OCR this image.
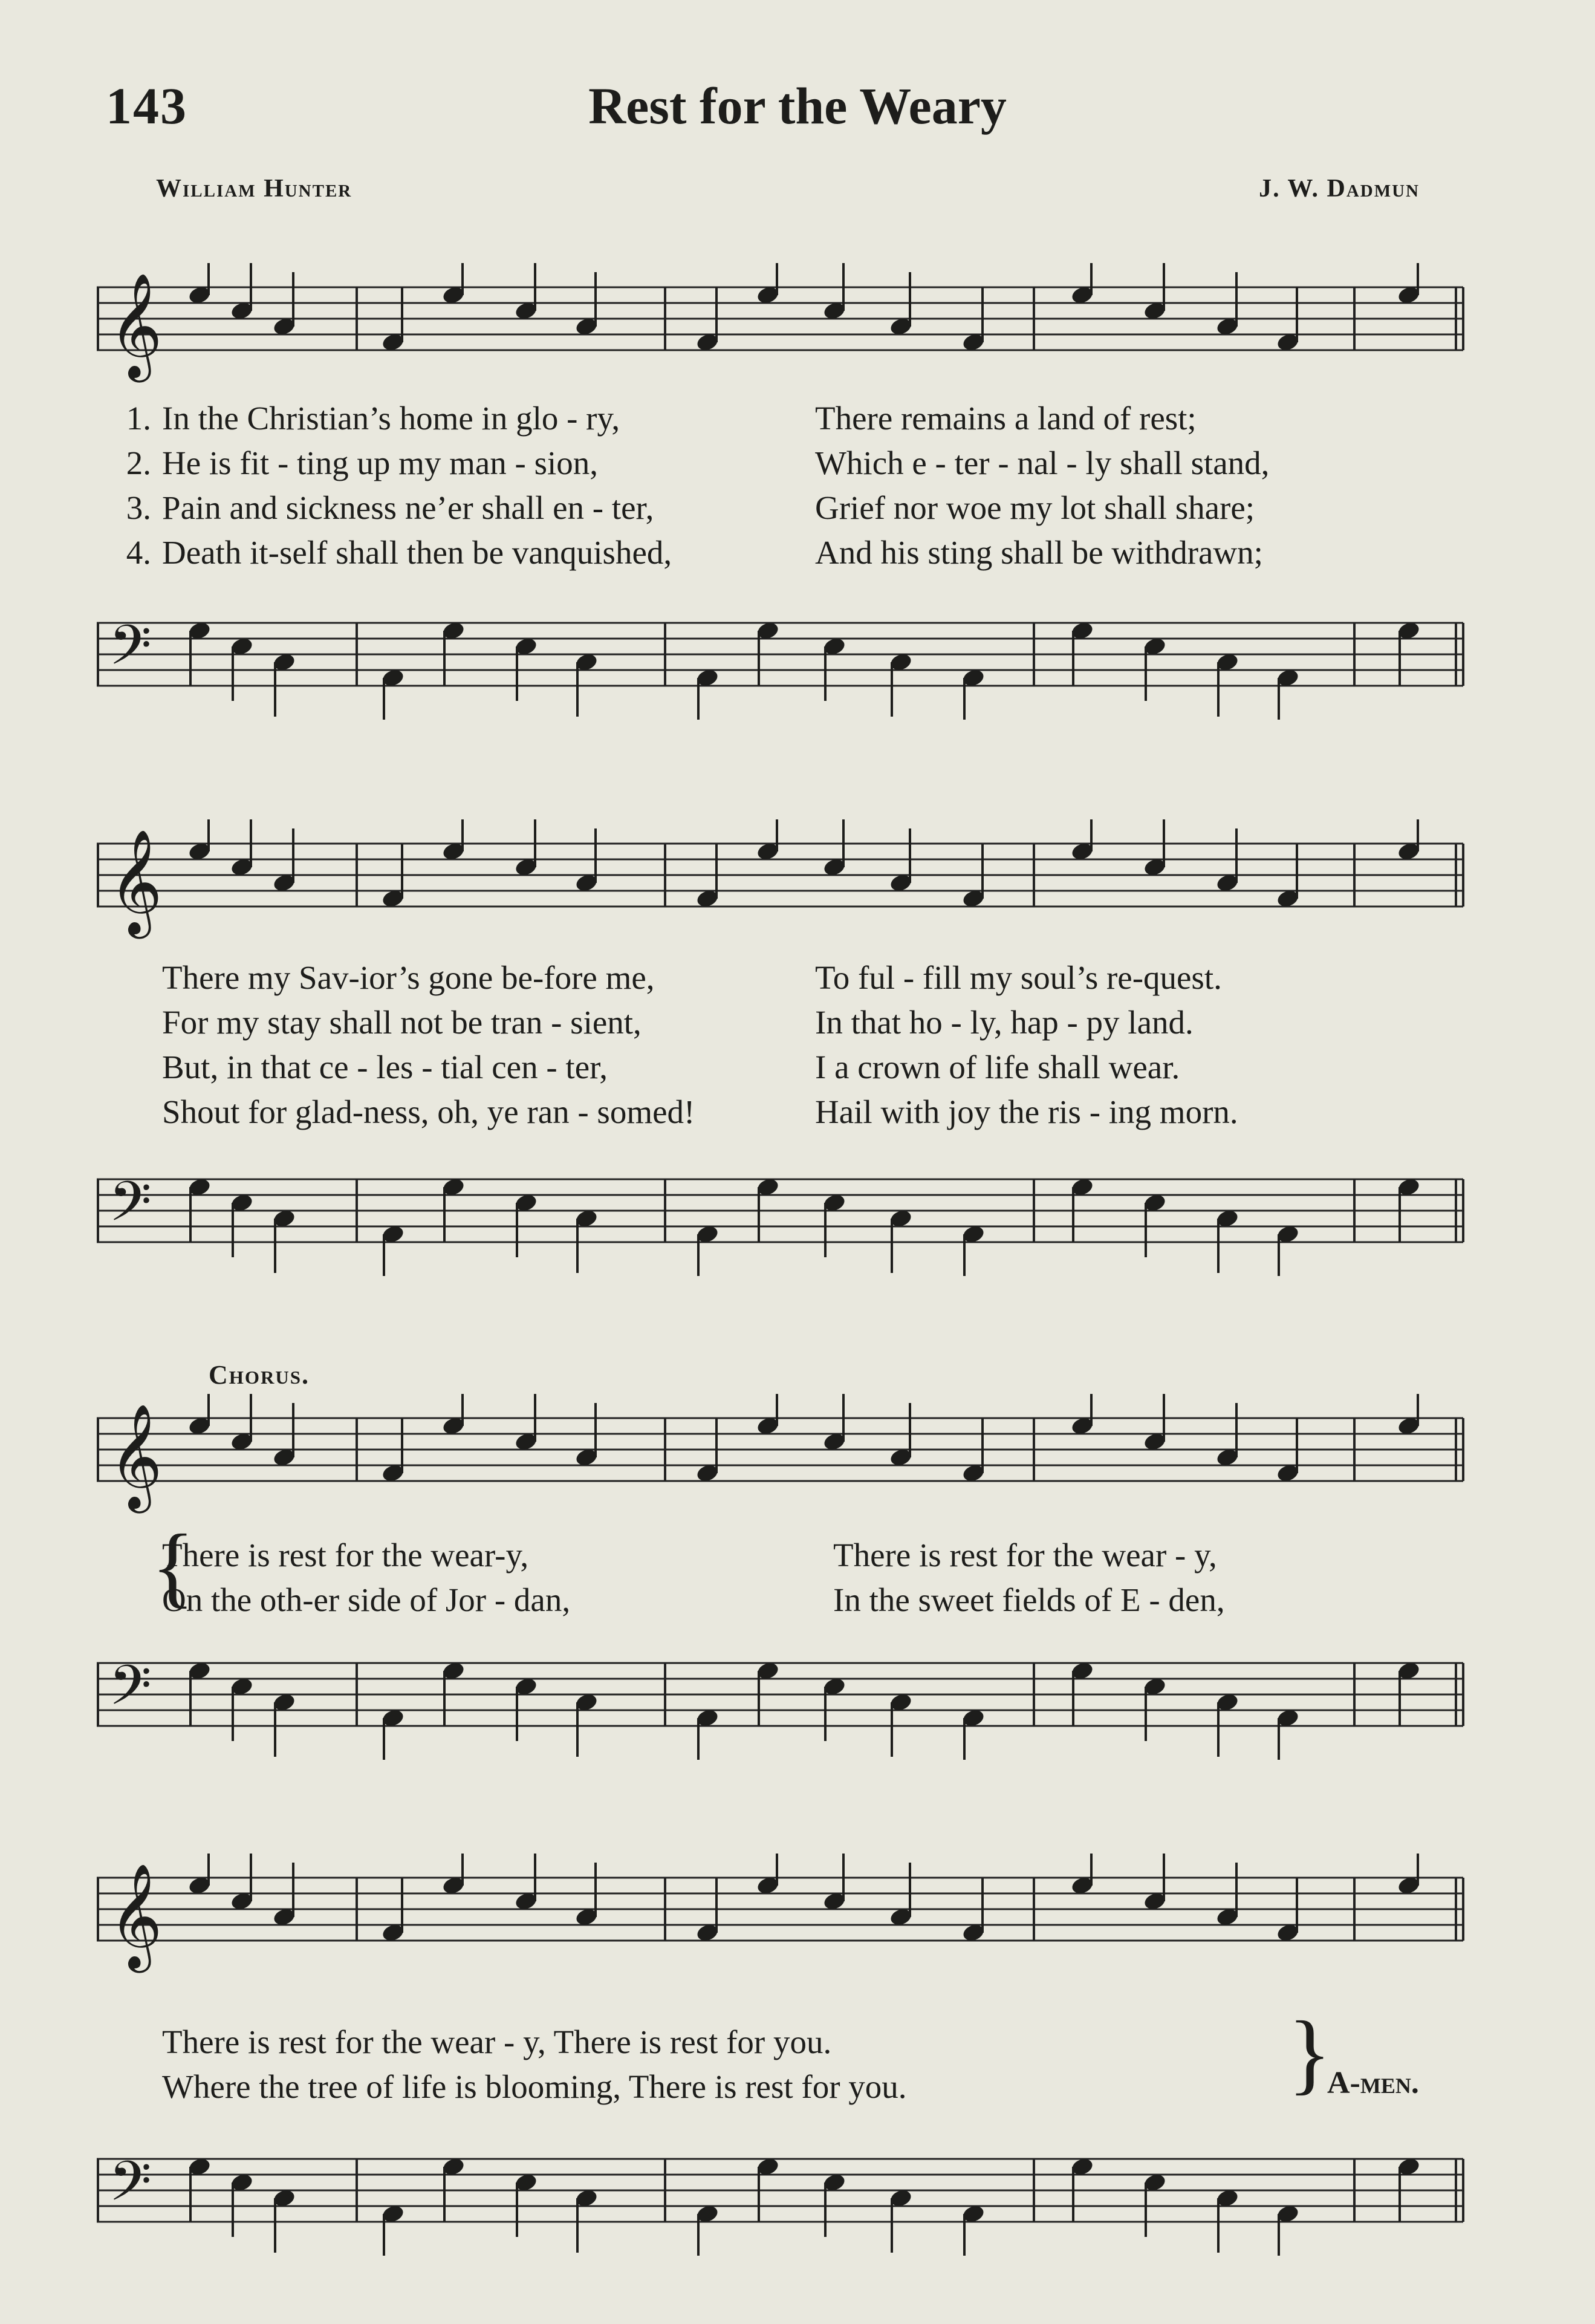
143	Rest for the Weary
William Hunter	J. W. Dadmun
𝄞
1. In the Christian’s home in glo - ry,	There remains a land of rest;
2. He is fit - ting up my man - sion,	Which e - ter - nal - ly shall stand,
3. Pain and sickness ne’er shall en - ter,	Grief nor woe my lot shall share;
4. Death it-self shall then be vanquished,	And his sting shall be withdrawn;
𝄢
𝄞
There my Sav-ior’s gone be-fore me,	To ful - fill my soul’s re-quest.
For my stay shall not be tran - sient,	In that ho - ly, hap - py land.
But, in that ce - les - tial cen - ter,	I a crown of life shall wear.
Shout for glad-ness, oh, ye ran - somed!	Hail with joy the ris - ing morn.
𝄢
Chorus.
𝄞
{
There is rest for the wear-y,	There is rest for the wear - y,
On the oth-er side of Jor - dan,	In the sweet fields of E - den,
𝄢
𝄞
There is rest for the wear - y, There is rest for you.
Where the tree of life is blooming, There is rest for you.	}
A-men.
𝄢
